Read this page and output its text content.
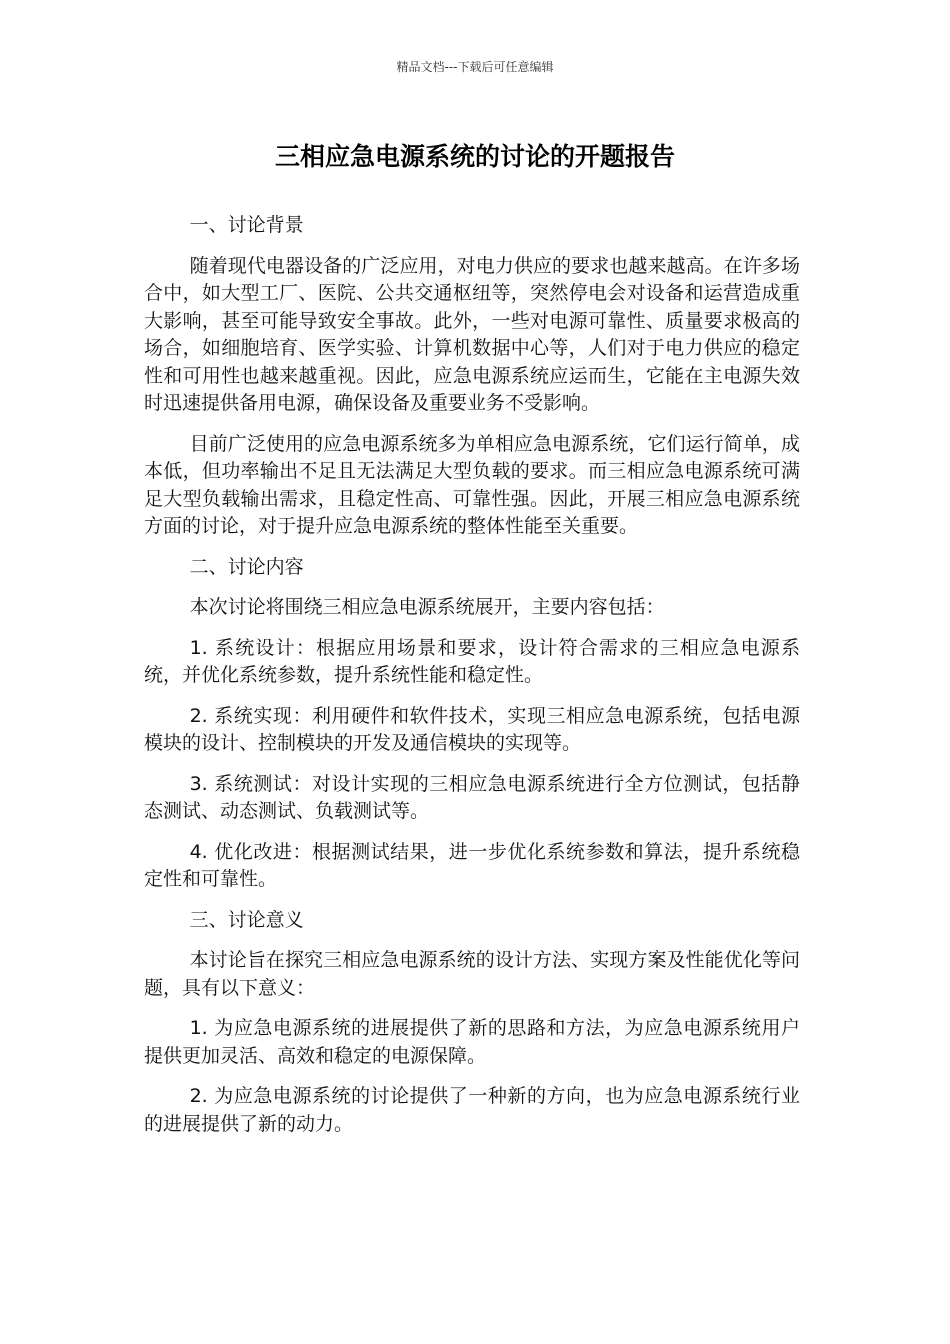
精品文档---下载后可任意编辑
三相应急电源系统的讨论的开题报告

一、讨论背景

随着现代电器设备的广泛应用，对电力供应的要求也越来越高。在许多场合中，如大型工厂、医院、公共交通枢纽等，突然停电会对设备和运营造成重大影响，甚至可能导致安全事故。此外，一些对电源可靠性、质量要求极高的场合，如细胞培育、医学实验、计算机数据中心等，人们对于电力供应的稳定性和可用性也越来越重视。因此，应急电源系统应运而生，它能在主电源失效时迅速提供备用电源，确保设备及重要业务不受影响。

目前广泛使用的应急电源系统多为单相应急电源系统，它们运行简单，成本低，但功率输出不足且无法满足大型负载的要求。而三相应急电源系统可满足大型负载输出需求，且稳定性高、可靠性强。因此，开展三相应急电源系统方面的讨论，对于提升应急电源系统的整体性能至关重要。

二、讨论内容

本次讨论将围绕三相应急电源系统展开，主要内容包括：

1. 系统设计：根据应用场景和要求，设计符合需求的三相应急电源系统，并优化系统参数，提升系统性能和稳定性。

2. 系统实现：利用硬件和软件技术，实现三相应急电源系统，包括电源模块的设计、控制模块的开发及通信模块的实现等。

3. 系统测试：对设计实现的三相应急电源系统进行全方位测试，包括静态测试、动态测试、负载测试等。

4. 优化改进：根据测试结果，进一步优化系统参数和算法，提升系统稳定性和可靠性。

三、讨论意义

本讨论旨在探究三相应急电源系统的设计方法、实现方案及性能优化等问题，具有以下意义：

1. 为应急电源系统的进展提供了新的思路和方法，为应急电源系统用户提供更加灵活、高效和稳定的电源保障。

2. 为应急电源系统的讨论提供了一种新的方向，也为应急电源系统行业的进展提供了新的动力。
